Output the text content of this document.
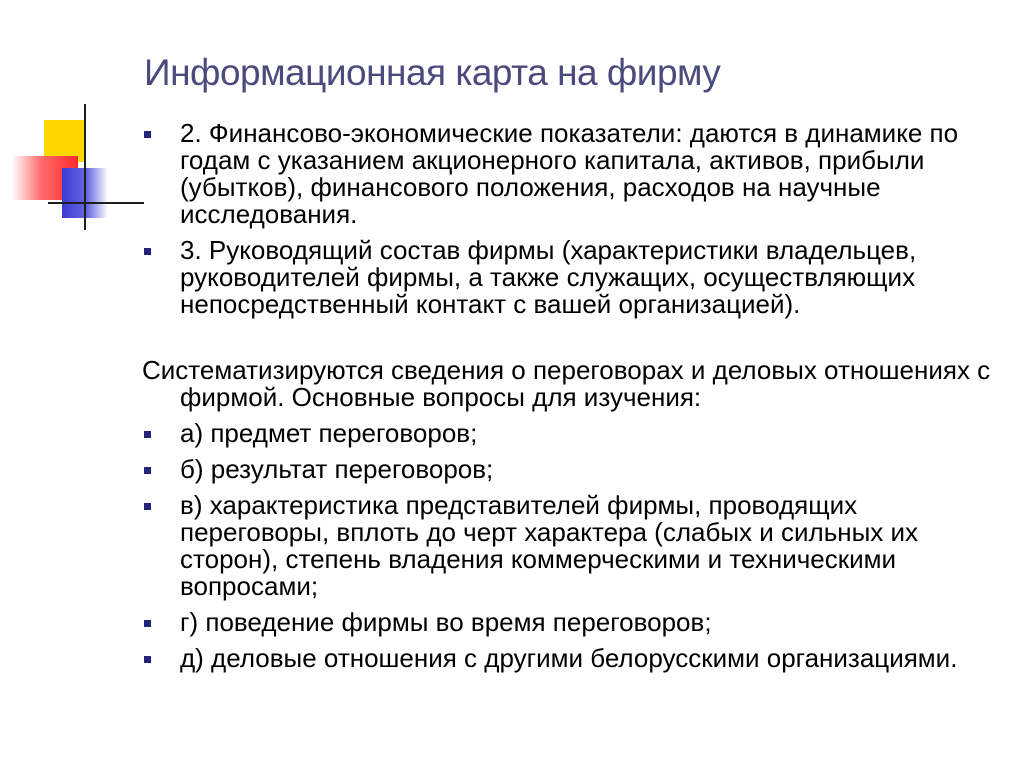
Информационная карта на фирму
2. Финансово-экономические показатели: даются в динамике по годам с указанием акционерного капитала, активов, прибыли (убытков), финансового положения, расходов на научные исследования.
3. Руководящий состав фирмы (характеристики владельцев, руководителей фирмы, а также служащих, осуществляющих непосредственный контакт с вашей организацией).
Систематизируются сведения о переговорах и деловых отношениях с фирмой. Основные вопросы для изучения:
а) предмет переговоров;
б) результат переговоров;
в) характеристика представителей фирмы, проводящих переговоры, вплоть до черт характера (слабых и сильных их сторон), степень владения коммерческими и техническими вопросами;
г) поведение фирмы во время переговоров;
д) деловые отношения с другими белорусскими организациями.
